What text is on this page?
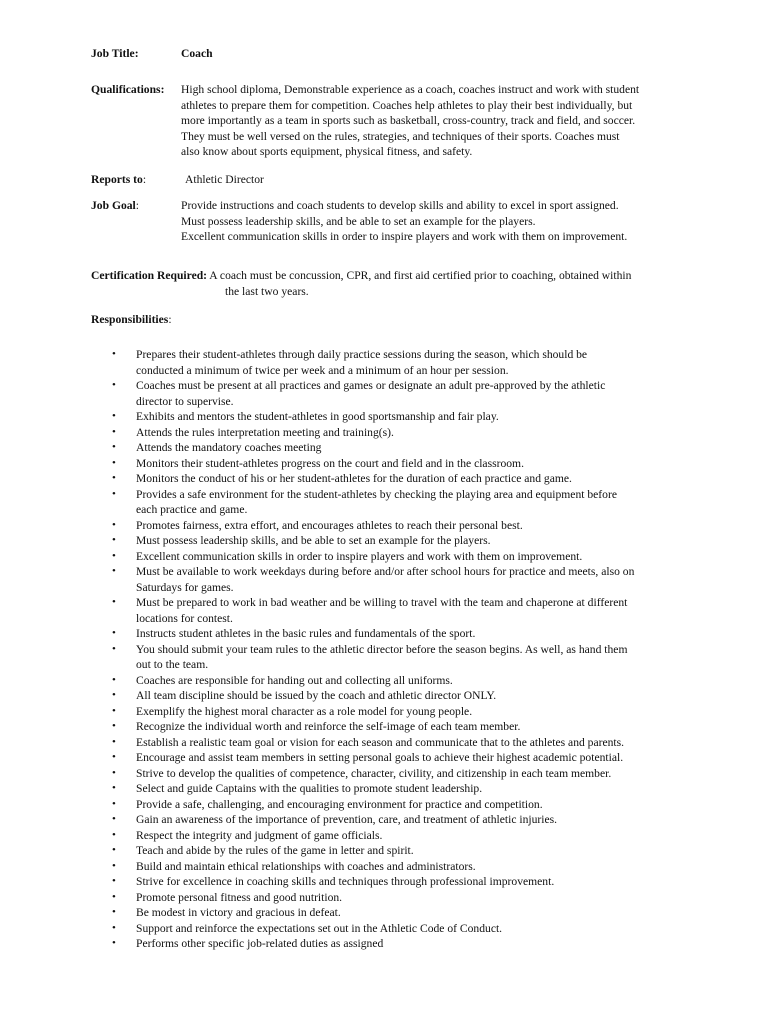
Job Title:	Coach
Qualifications: High school diploma, Demonstrable experience as a coach, coaches instruct and work with student
athletes to prepare them for competition. Coaches help athletes to play their best individually, but
more importantly as a team in sports such as basketball, cross-country, track and field, and soccer.
They must be well versed on the rules, strategies, and techniques of their sports. Coaches must
also know about sports equipment, physical fitness, and safety.
Reports to:	Athletic Director
Job Goal:	Provide instructions and coach students to develop skills and ability to excel in sport assigned.
Must possess leadership skills, and be able to set an example for the players.
Excellent communication skills in order to inspire players and work with them on improvement.
Certification Required: A coach must be concussion, CPR, and first aid certified prior to coaching, obtained within
the last two years.
Responsibilities:
• Prepares their student-athletes through daily practice sessions during the season, which should be
conducted a minimum of twice per week and a minimum of an hour per session.
• Coaches must be present at all practices and games or designate an adult pre-approved by the athletic
director to supervise.
• Exhibits and mentors the student-athletes in good sportsmanship and fair play.
• Attends the rules interpretation meeting and training(s).
• Attends the mandatory coaches meeting
• Monitors their student-athletes progress on the court and field and in the classroom.
• Monitors the conduct of his or her student-athletes for the duration of each practice and game.
• Provides a safe environment for the student-athletes by checking the playing area and equipment before
each practice and game.
• Promotes fairness, extra effort, and encourages athletes to reach their personal best.
• Must possess leadership skills, and be able to set an example for the players.
• Excellent communication skills in order to inspire players and work with them on improvement.
• Must be available to work weekdays during before and/or after school hours for practice and meets, also on
Saturdays for games.
• Must be prepared to work in bad weather and be willing to travel with the team and chaperone at different
locations for contest.
• Instructs student athletes in the basic rules and fundamentals of the sport.
• You should submit your team rules to the athletic director before the season begins. As well, as hand them
out to the team.
• Coaches are responsible for handing out and collecting all uniforms.
• All team discipline should be issued by the coach and athletic director ONLY.
• Exemplify the highest moral character as a role model for young people.
• Recognize the individual worth and reinforce the self-image of each team member.
• Establish a realistic team goal or vision for each season and communicate that to the athletes and parents.
• Encourage and assist team members in setting personal goals to achieve their highest academic potential.
• Strive to develop the qualities of competence, character, civility, and citizenship in each team member.
• Select and guide Captains with the qualities to promote student leadership.
• Provide a safe, challenging, and encouraging environment for practice and competition.
• Gain an awareness of the importance of prevention, care, and treatment of athletic injuries.
• Respect the integrity and judgment of game officials.
• Teach and abide by the rules of the game in letter and spirit.
• Build and maintain ethical relationships with coaches and administrators.
• Strive for excellence in coaching skills and techniques through professional improvement.
• Promote personal fitness and good nutrition.
• Be modest in victory and gracious in defeat.
• Support and reinforce the expectations set out in the Athletic Code of Conduct.
• Performs other specific job-related duties as assigned
